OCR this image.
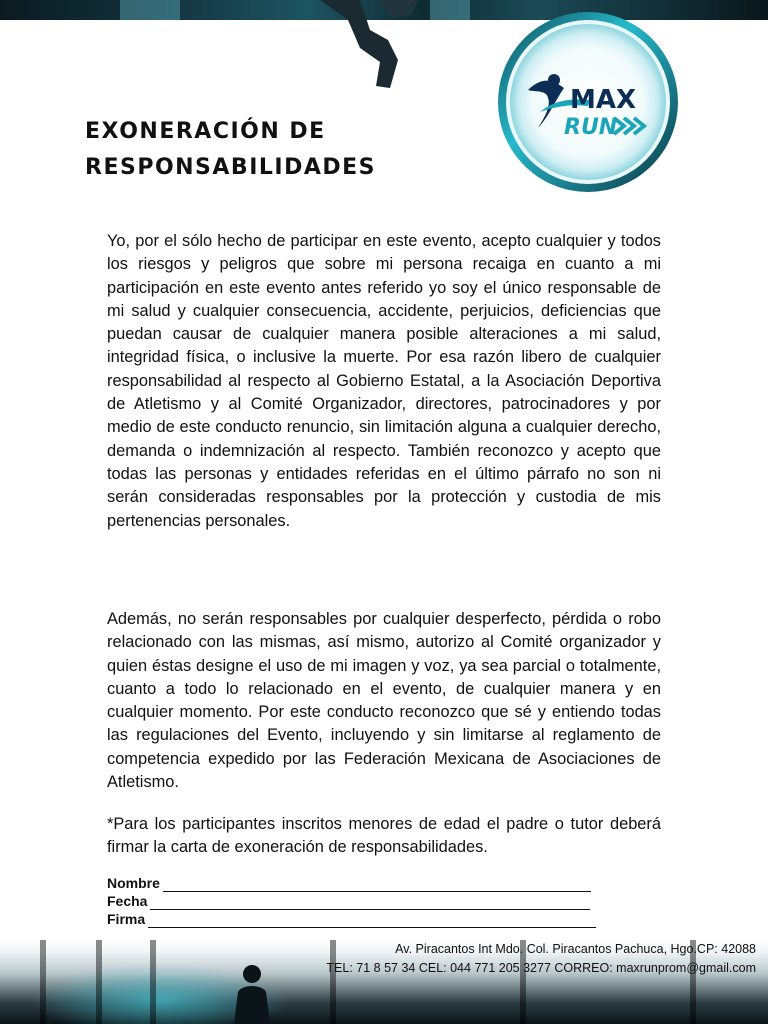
MAX
RUN
EXONERACIÓN DE
RESPONSABILIDADES
Yo, por el sólo hecho de participar en este evento, acepto cualquier y todos los riesgos y peligros que sobre mi persona recaiga en cuanto a mi participación en este evento antes referido yo soy el único responsable de mi salud y cualquier consecuencia, accidente, perjuicios, deficiencias que puedan causar de cualquier manera posible alteraciones a mi salud, integridad física, o inclusive la muerte. Por esa razón libero de cualquier responsabilidad al respecto al Gobierno Estatal, a la Asociación Deportiva de Atletismo y al Comité Organizador, directores, patrocinadores y por medio de este conducto renuncio, sin limitación alguna a cualquier derecho, demanda o indemnización al respecto. También reconozco y acepto que todas las personas y entidades referidas en el último párrafo no son ni serán consideradas responsables por la protección y custodia de mis pertenencias personales.
Además, no serán responsables por cualquier desperfecto, pérdida o robo relacionado con las mismas, así mismo, autorizo al Comité organizador y quien éstas designe el uso de mi imagen y voz, ya sea parcial o totalmente, cuanto a todo lo relacionado en el evento, de cualquier manera y en cualquier momento. Por este conducto reconozco que sé y entiendo todas las regulaciones del Evento, incluyendo y sin limitarse al reglamento de competencia expedido por las Federación Mexicana de Asociaciones de Atletismo.
*Para los participantes inscritos menores de edad el padre o tutor deberá firmar la carta de exoneración de responsabilidades.
Nombre
Fecha
Firma
Av. Piracantos Int Mdo. Col. Piracantos Pachuca, Hgo.CP: 42088
TEL: 71 8 57 34 CEL: 044 771 205 3277 CORREO: maxrunprom@gmail.com
